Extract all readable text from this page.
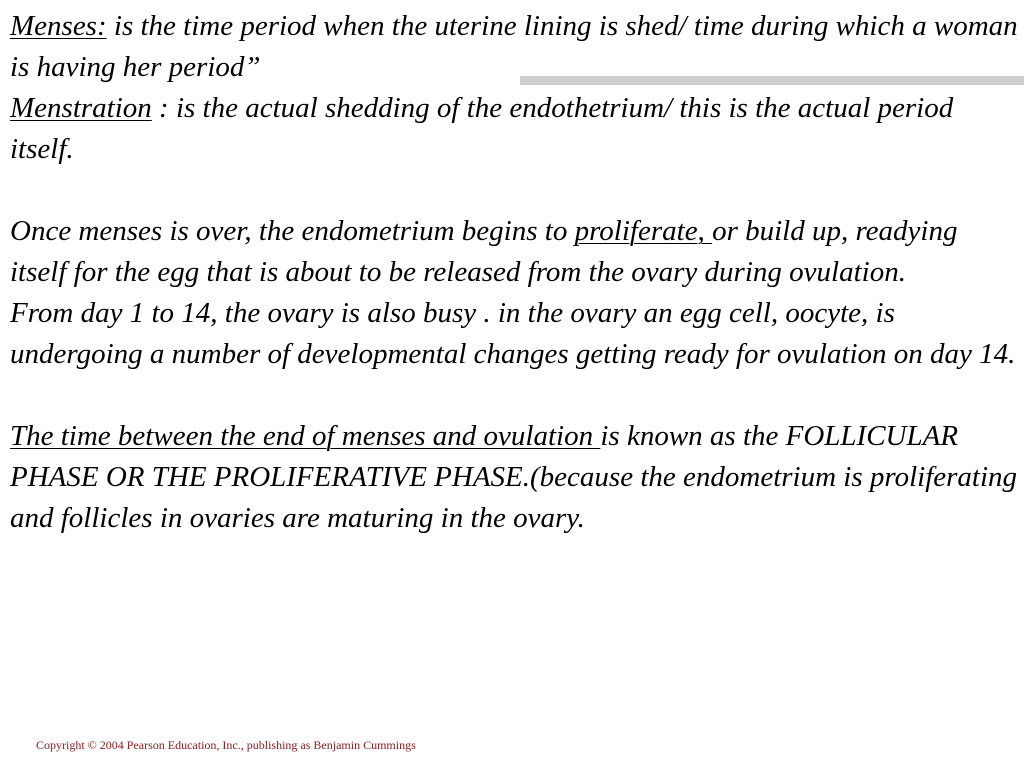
Menses: is the time period when the uterine lining is shed/ time during which a woman is having her period”

Menstration : is the actual shedding of the endothetrium/ this is the actual period itself.

Once menses is over, the endometrium begins to proliferate, or build up, readying itself for the egg that is about to be released from the ovary during ovulation.

From day 1 to 14, the ovary is also busy . in the ovary an egg cell, oocyte, is undergoing a number of developmental changes getting ready for ovulation on day 14.

The time between the end of menses and ovulation is known as the FOLLICULAR PHASE OR THE PROLIFERATIVE PHASE.(because the endometrium is proliferating and follicles in ovaries are maturing in the ovary.

Copyright © 2004 Pearson Education, Inc., publishing as Benjamin Cummings
